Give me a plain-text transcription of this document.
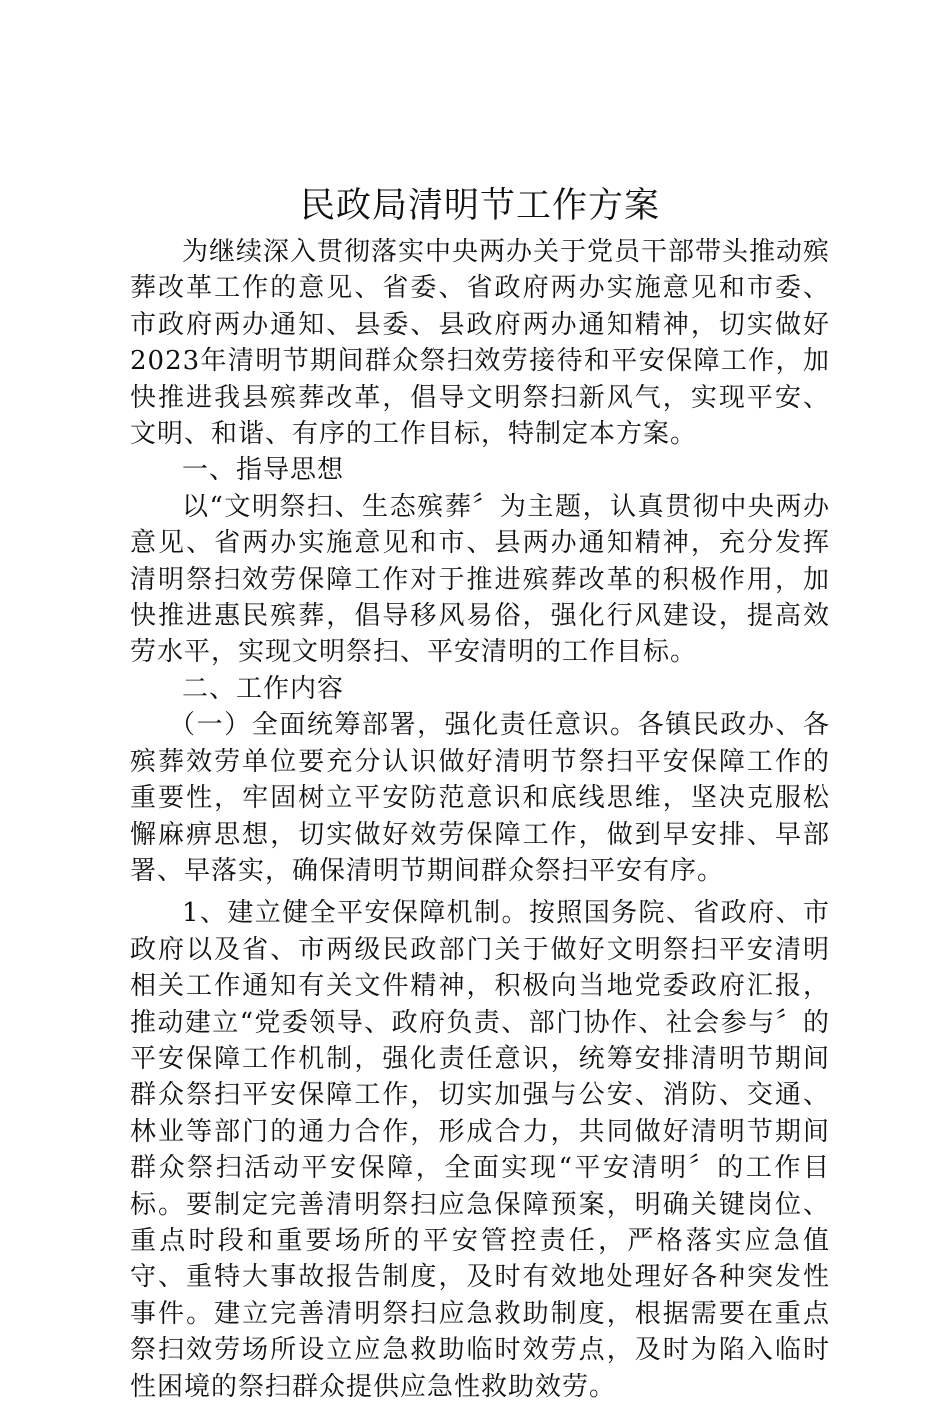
民政局清明节工作方案

为继续深入贯彻落实中央两办关于党员干部带头推动殡葬改革工作的意见、省委、省政府两办实施意见和市委、市政府两办通知、县委、县政府两办通知精神，切实做好2023年清明节期间群众祭扫效劳接待和平安保障工作，加快推进我县殡葬改革，倡导文明祭扫新风气，实现平安、文明、和谐、有序的工作目标，特制定本方案。

一、指导思想

以“文明祭扫、生态殡葬〞为主题，认真贯彻中央两办意见、省两办实施意见和市、县两办通知精神，充分发挥清明祭扫效劳保障工作对于推进殡葬改革的积极作用，加快推进惠民殡葬，倡导移风易俗，强化行风建设，提高效劳水平，实现文明祭扫、平安清明的工作目标。

二、工作内容

（一）全面统筹部署，强化责任意识。各镇民政办、各殡葬效劳单位要充分认识做好清明节祭扫平安保障工作的重要性，牢固树立平安防范意识和底线思维，坚决克服松懈麻痹思想，切实做好效劳保障工作，做到早安排、早部署、早落实，确保清明节期间群众祭扫平安有序。

1、建立健全平安保障机制。按照国务院、省政府、市政府以及省、市两级民政部门关于做好文明祭扫平安清明相关工作通知有关文件精神，积极向当地党委政府汇报，推动建立“党委领导、政府负责、部门协作、社会参与〞的平安保障工作机制，强化责任意识，统筹安排清明节期间群众祭扫平安保障工作，切实加强与公安、消防、交通、林业等部门的通力合作，形成合力，共同做好清明节期间群众祭扫活动平安保障，全面实现“平安清明〞的工作目标。要制定完善清明祭扫应急保障预案，明确关键岗位、重点时段和重要场所的平安管控责任，严格落实应急值守、重特大事故报告制度，及时有效地处理好各种突发性事件。建立完善清明祭扫应急救助制度，根据需要在重点祭扫效劳场所设立应急救助临时效劳点，及时为陷入临时性困境的祭扫群众提供应急性救助效劳。
